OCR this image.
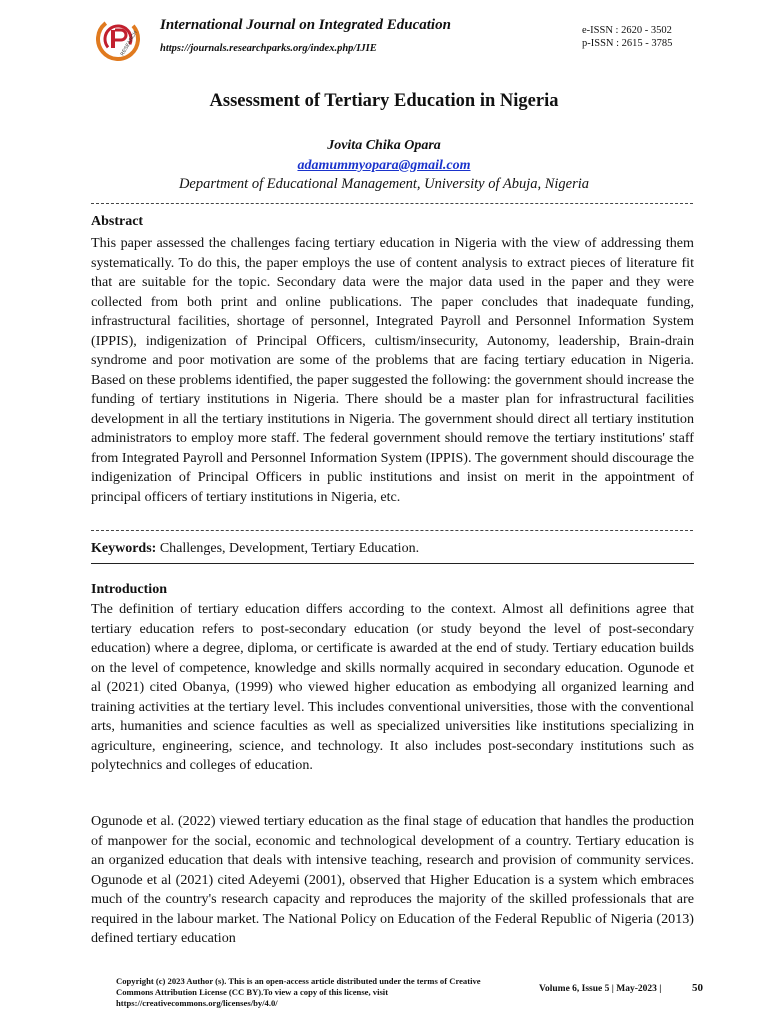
RESEARCH
International Journal on Integrated Education
https://journals.researchparks.org/index.php/IJIE
e-ISSN : 2620 - 3502
p-ISSN : 2615 - 3785
Assessment of Tertiary Education in Nigeria
Jovita Chika Opara
adamummyopara@gmail.com
Department of Educational Management, University of Abuja, Nigeria
Abstract

This paper assessed the challenges facing tertiary education in Nigeria with the view of addressing them systematically. To do this, the paper employs the use of content analysis to extract pieces of literature fit that are suitable for the topic. Secondary data were the major data used in the paper and they were collected from both print and online publications. The paper concludes that inadequate funding, infrastructural facilities, shortage of personnel, Integrated Payroll and Personnel Information System (IPPIS), indigenization of Principal Officers, cultism/insecurity, Autonomy, leadership, Brain-drain syndrome and poor motivation are some of the problems that are facing tertiary education in Nigeria. Based on these problems identified, the paper suggested the following: the government should increase the funding of tertiary institutions in Nigeria. There should be a master plan for infrastructural facilities development in all the tertiary institutions in Nigeria. The government should direct all tertiary institution administrators to employ more staff. The federal government should remove the tertiary institutions' staff from Integrated Payroll and Personnel Information System (IPPIS). The government should discourage the indigenization of Principal Officers in public institutions and insist on merit in the appointment of principal officers of tertiary institutions in Nigeria, etc.

Keywords: Challenges, Development, Tertiary Education.
Introduction

The definition of tertiary education differs according to the context. Almost all definitions agree that tertiary education refers to post-secondary education (or study beyond the level of post-secondary education) where a degree, diploma, or certificate is awarded at the end of study. Tertiary education builds on the level of competence, knowledge and skills normally acquired in secondary education. Ogunode et al (2021) cited Obanya, (1999) who viewed higher education as embodying all organized learning and training activities at the tertiary level. This includes conventional universities, those with the conventional arts, humanities and science faculties as well as specialized universities like institutions specializing in agriculture, engineering, science, and technology. It also includes post-secondary institutions such as polytechnics and colleges of education.

Ogunode et al. (2022) viewed tertiary education as the final stage of education that handles the production of manpower for the social, economic and technological development of a country. Tertiary education is an organized education that deals with intensive teaching, research and provision of community services. Ogunode et al (2021) cited Adeyemi (2001), observed that Higher Education is a system which embraces much of the country's research capacity and reproduces the majority of the skilled professionals that are required in the labour market. The National Policy on Education of the Federal Republic of Nigeria (2013) defined tertiary education

Copyright (c) 2023 Author (s). This is an open-access article distributed under the terms of Creative Commons Attribution License (CC BY).To view a copy of this license, visit https://creativecommons.org/licenses/by/4.0/
Volume 6, Issue 5 | May-2023 |	50
